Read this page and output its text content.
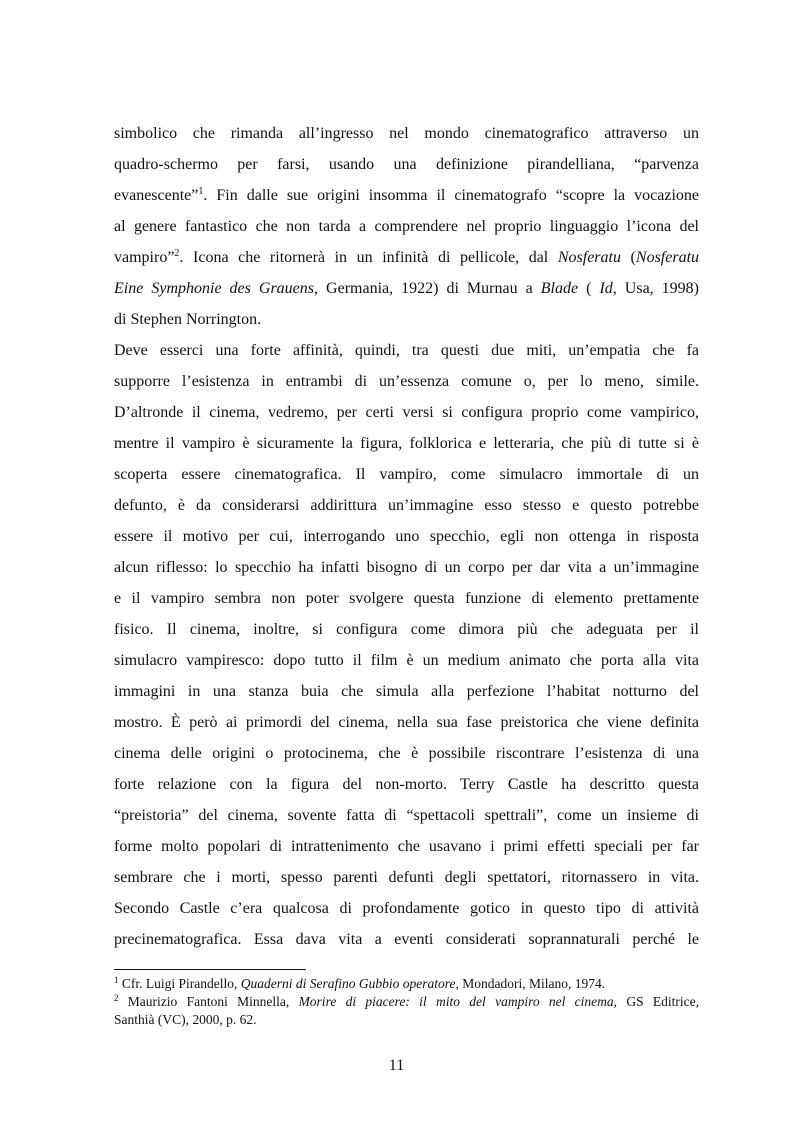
simbolico che rimanda all’ingresso nel mondo cinematografico attraverso un
quadro-schermo per farsi, usando una definizione pirandelliana, “parvenza
evanescente”$^1$. Fin dalle sue origini insomma il cinematografo “scopre la vocazione
al genere fantastico che non tarda a comprendere nel proprio linguaggio l’icona del
vampiro”$^2$. Icona che ritornerà in un infinità di pellicole, dal Nosferatu (Nosferatu
Eine Symphonie des Grauens, Germania, 1922) di Murnau a Blade ( Id, Usa, 1998)
di Stephen Norrington.
Deve esserci una forte affinità, quindi, tra questi due miti, un’empatia che fa
supporre l’esistenza in entrambi di un’essenza comune o, per lo meno, simile.
D’altronde il cinema, vedremo, per certi versi si configura proprio come vampirico,
mentre il vampiro è sicuramente la figura, folklorica e letteraria, che più di tutte si è
scoperta essere cinematografica. Il vampiro, come simulacro immortale di un
defunto, è da considerarsi addirittura un’immagine esso stesso e questo potrebbe
essere il motivo per cui, interrogando uno specchio, egli non ottenga in risposta
alcun riflesso: lo specchio ha infatti bisogno di un corpo per dar vita a un’immagine
e il vampiro sembra non poter svolgere questa funzione di elemento prettamente
fisico. Il cinema, inoltre, si configura come dimora più che adeguata per il
simulacro vampiresco: dopo tutto il film è un medium animato che porta alla vita
immagini in una stanza buia che simula alla perfezione l’habitat notturno del
mostro. È però ai primordi del cinema, nella sua fase preistorica che viene definita
cinema delle origini o protocinema, che è possibile riscontrare l’esistenza di una
forte relazione con la figura del non-morto. Terry Castle ha descritto questa
“preistoria” del cinema, sovente fatta di “spettacoli spettrali”, come un insieme di
forme molto popolari di intrattenimento che usavano i primi effetti speciali per far
sembrare che i morti, spesso parenti defunti degli spettatori, ritornassero in vita.
Secondo Castle c’era qualcosa di profondamente gotico in questo tipo di attività
precinematografica. Essa dava vita a eventi considerati soprannaturali perché le
$^1$ Cfr. Luigi Pirandello, Quaderni di Serafino Gubbio operatore, Mondadori, Milano, 1974.
$^2$ Maurizio Fantoni Minnella, Morire di piacere: il mito del vampiro nel cinema, GS Editrice,
Santhià (VC), 2000, p. 62.
11
